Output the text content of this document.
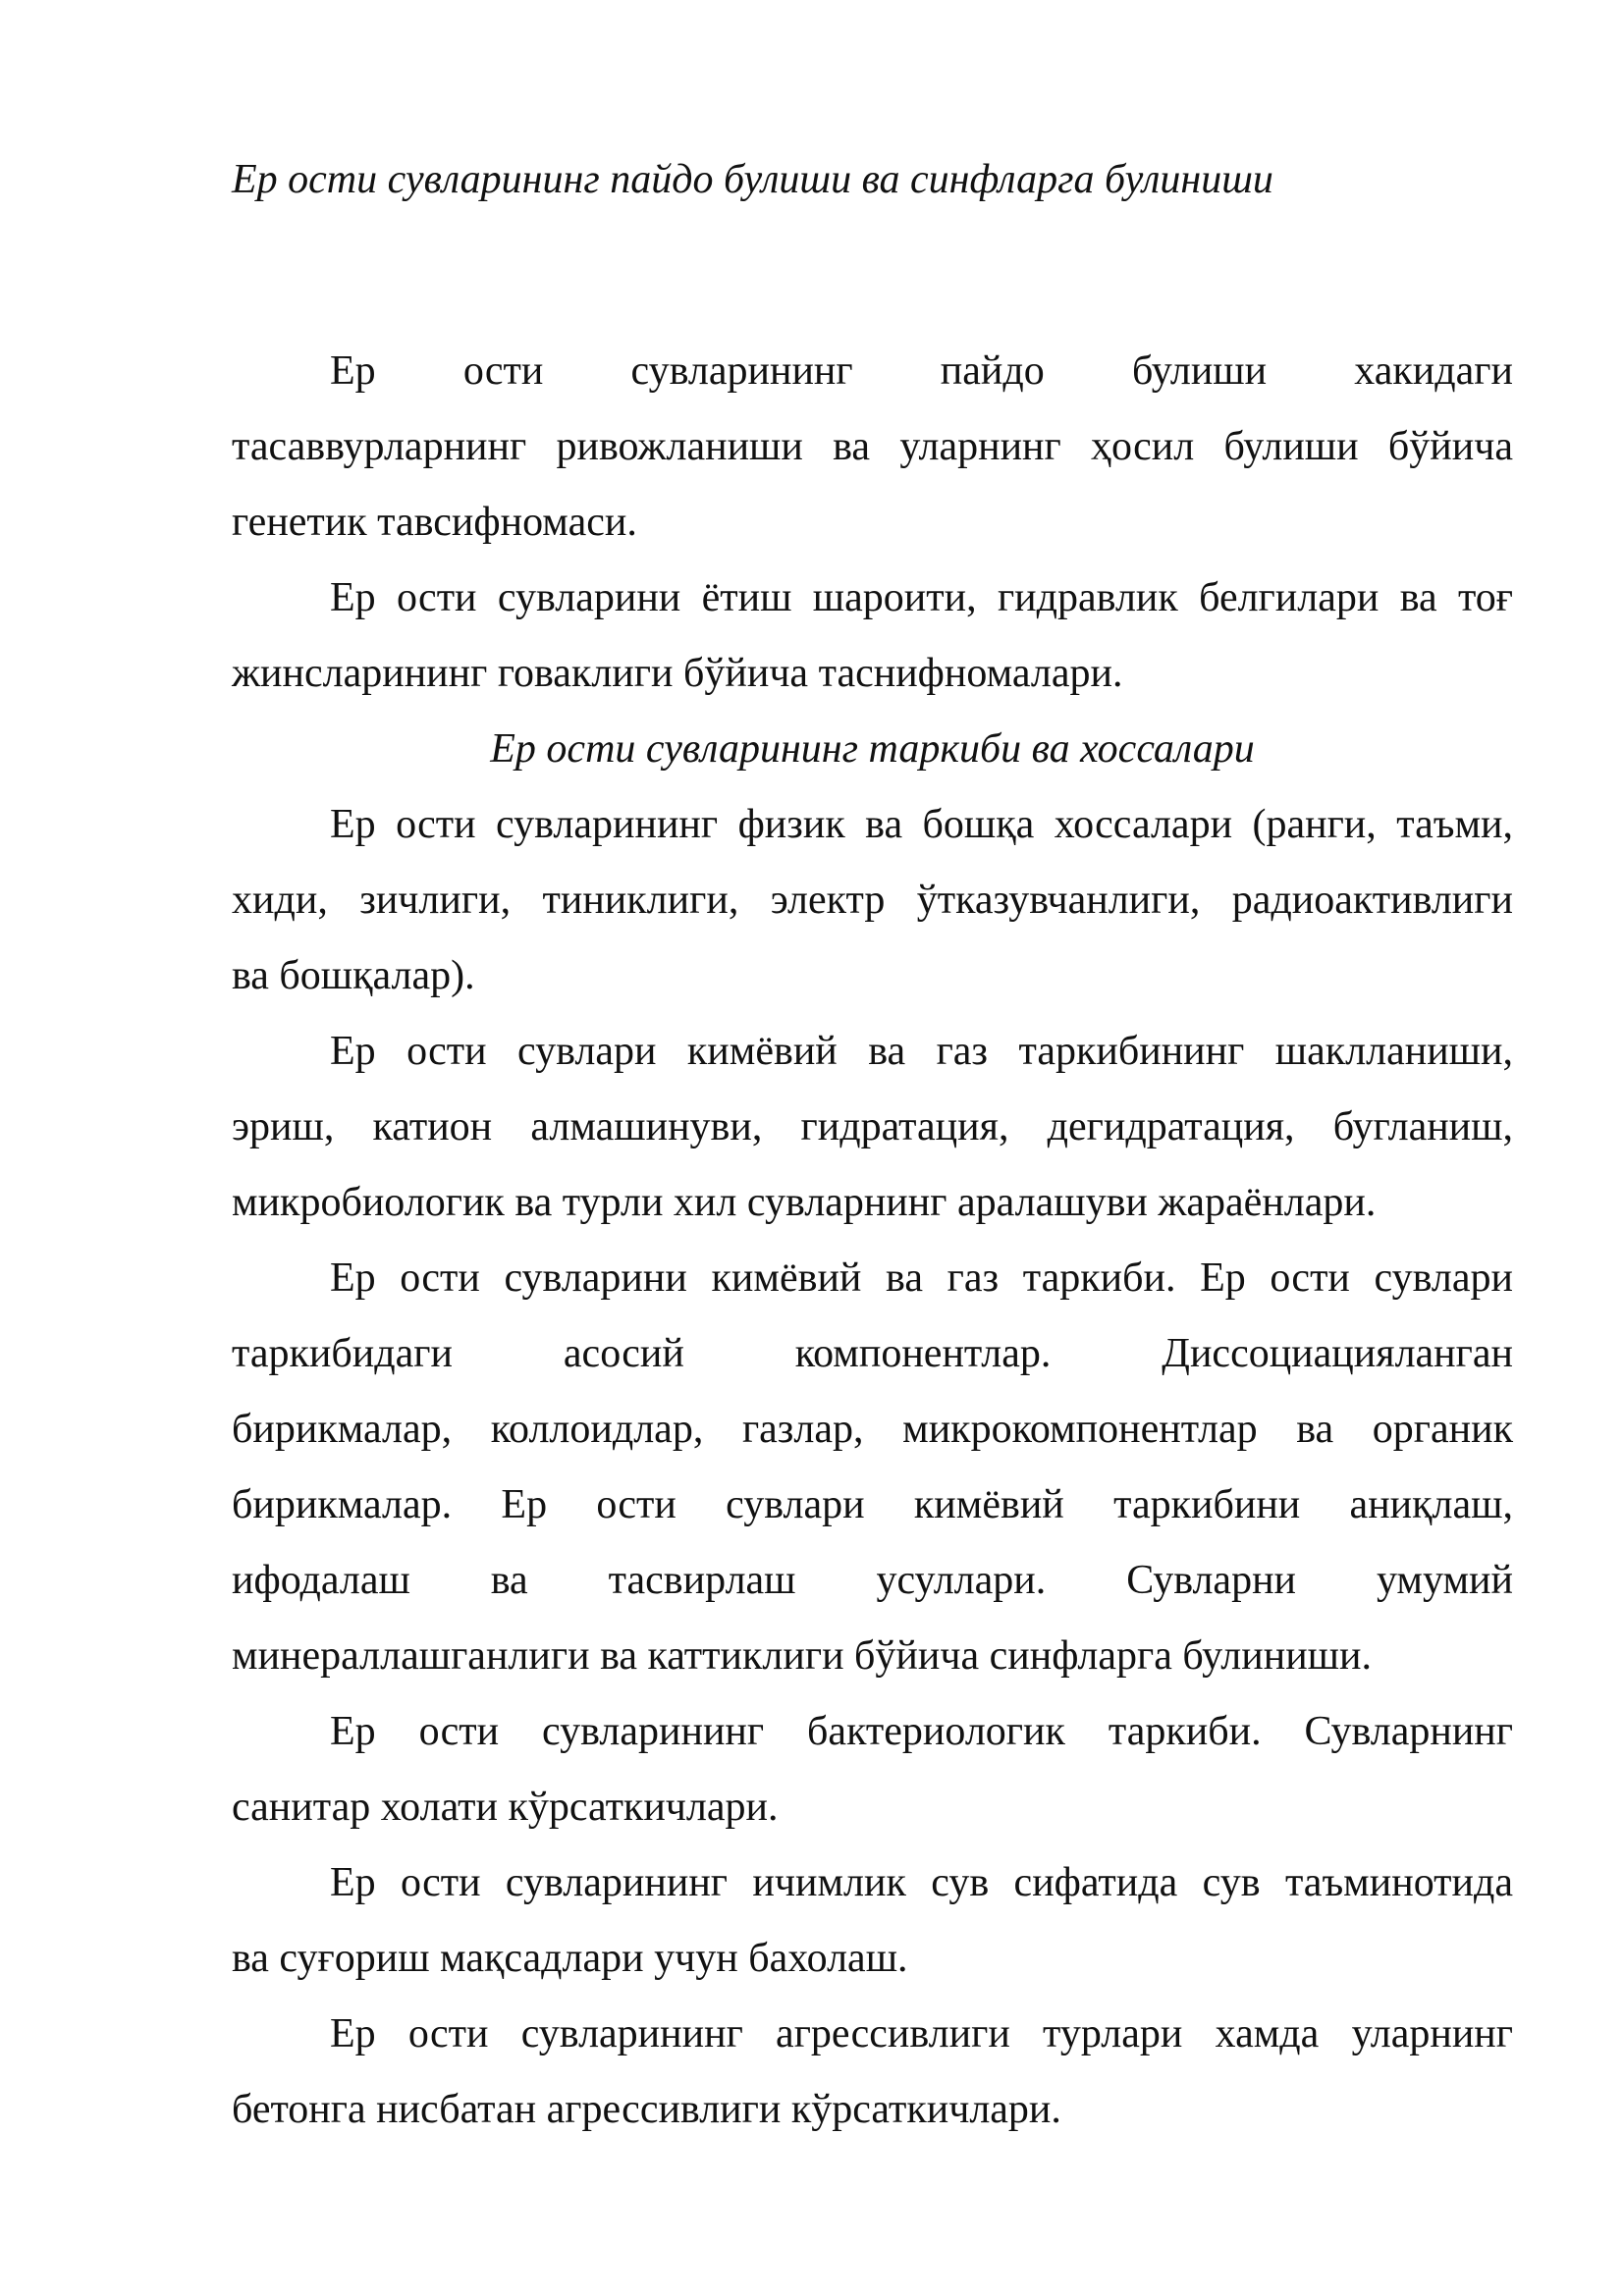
Ер ости сувларининг пайдо булиши ва синфларга булиниши
Ер ости сувларининг пайдо булиши хакидаги
тасаввурларнинг ривожланиши ва уларнинг ҳосил булиши бўйича
генетик тавсифномаси.
Ер ости сувларини ётиш шароити, гидравлик белгилари ва тоғ
жинсларининг говаклиги бўйича таснифномалари.
Ер ости сувларининг таркиби ва хоссалари
Ер ости сувларининг физик ва бошқа хоссалари (ранги, таъми,
хиди, зичлиги, тиниклиги, электр ўтказувчанлиги, радиоактивлиги
ва бошқалар).
Ер ости сувлари кимёвий ва газ таркибининг шаклланиши,
эриш, катион алмашинуви, гидратация, дегидратация, бугланиш,
микробиологик ва турли хил сувларнинг аралашуви жараёнлари.
Ер ости сувларини кимёвий ва газ таркиби. Ер ости сувлари
таркибидаги асосий компонентлар. Диссоциацияланган
бирикмалар, коллоидлар, газлар, микрокомпонентлар ва органик
бирикмалар. Ер ости сувлари кимёвий таркибини аниқлаш,
ифодалаш ва тасвирлаш усуллари. Сувларни умумий
минераллашганлиги ва каттиклиги бўйича синфларга булиниши.
Ер ости сувларининг бактериологик таркиби. Сувларнинг
санитар холати кўрсаткичлари.
Ер ости сувларининг ичимлик сув сифатида сув таъминотида
ва суғориш мақсадлари учун бахолаш.
Ер ости сувларининг агрессивлиги турлари хамда уларнинг
бетонга нисбатан агрессивлиги кўрсаткичлари.
